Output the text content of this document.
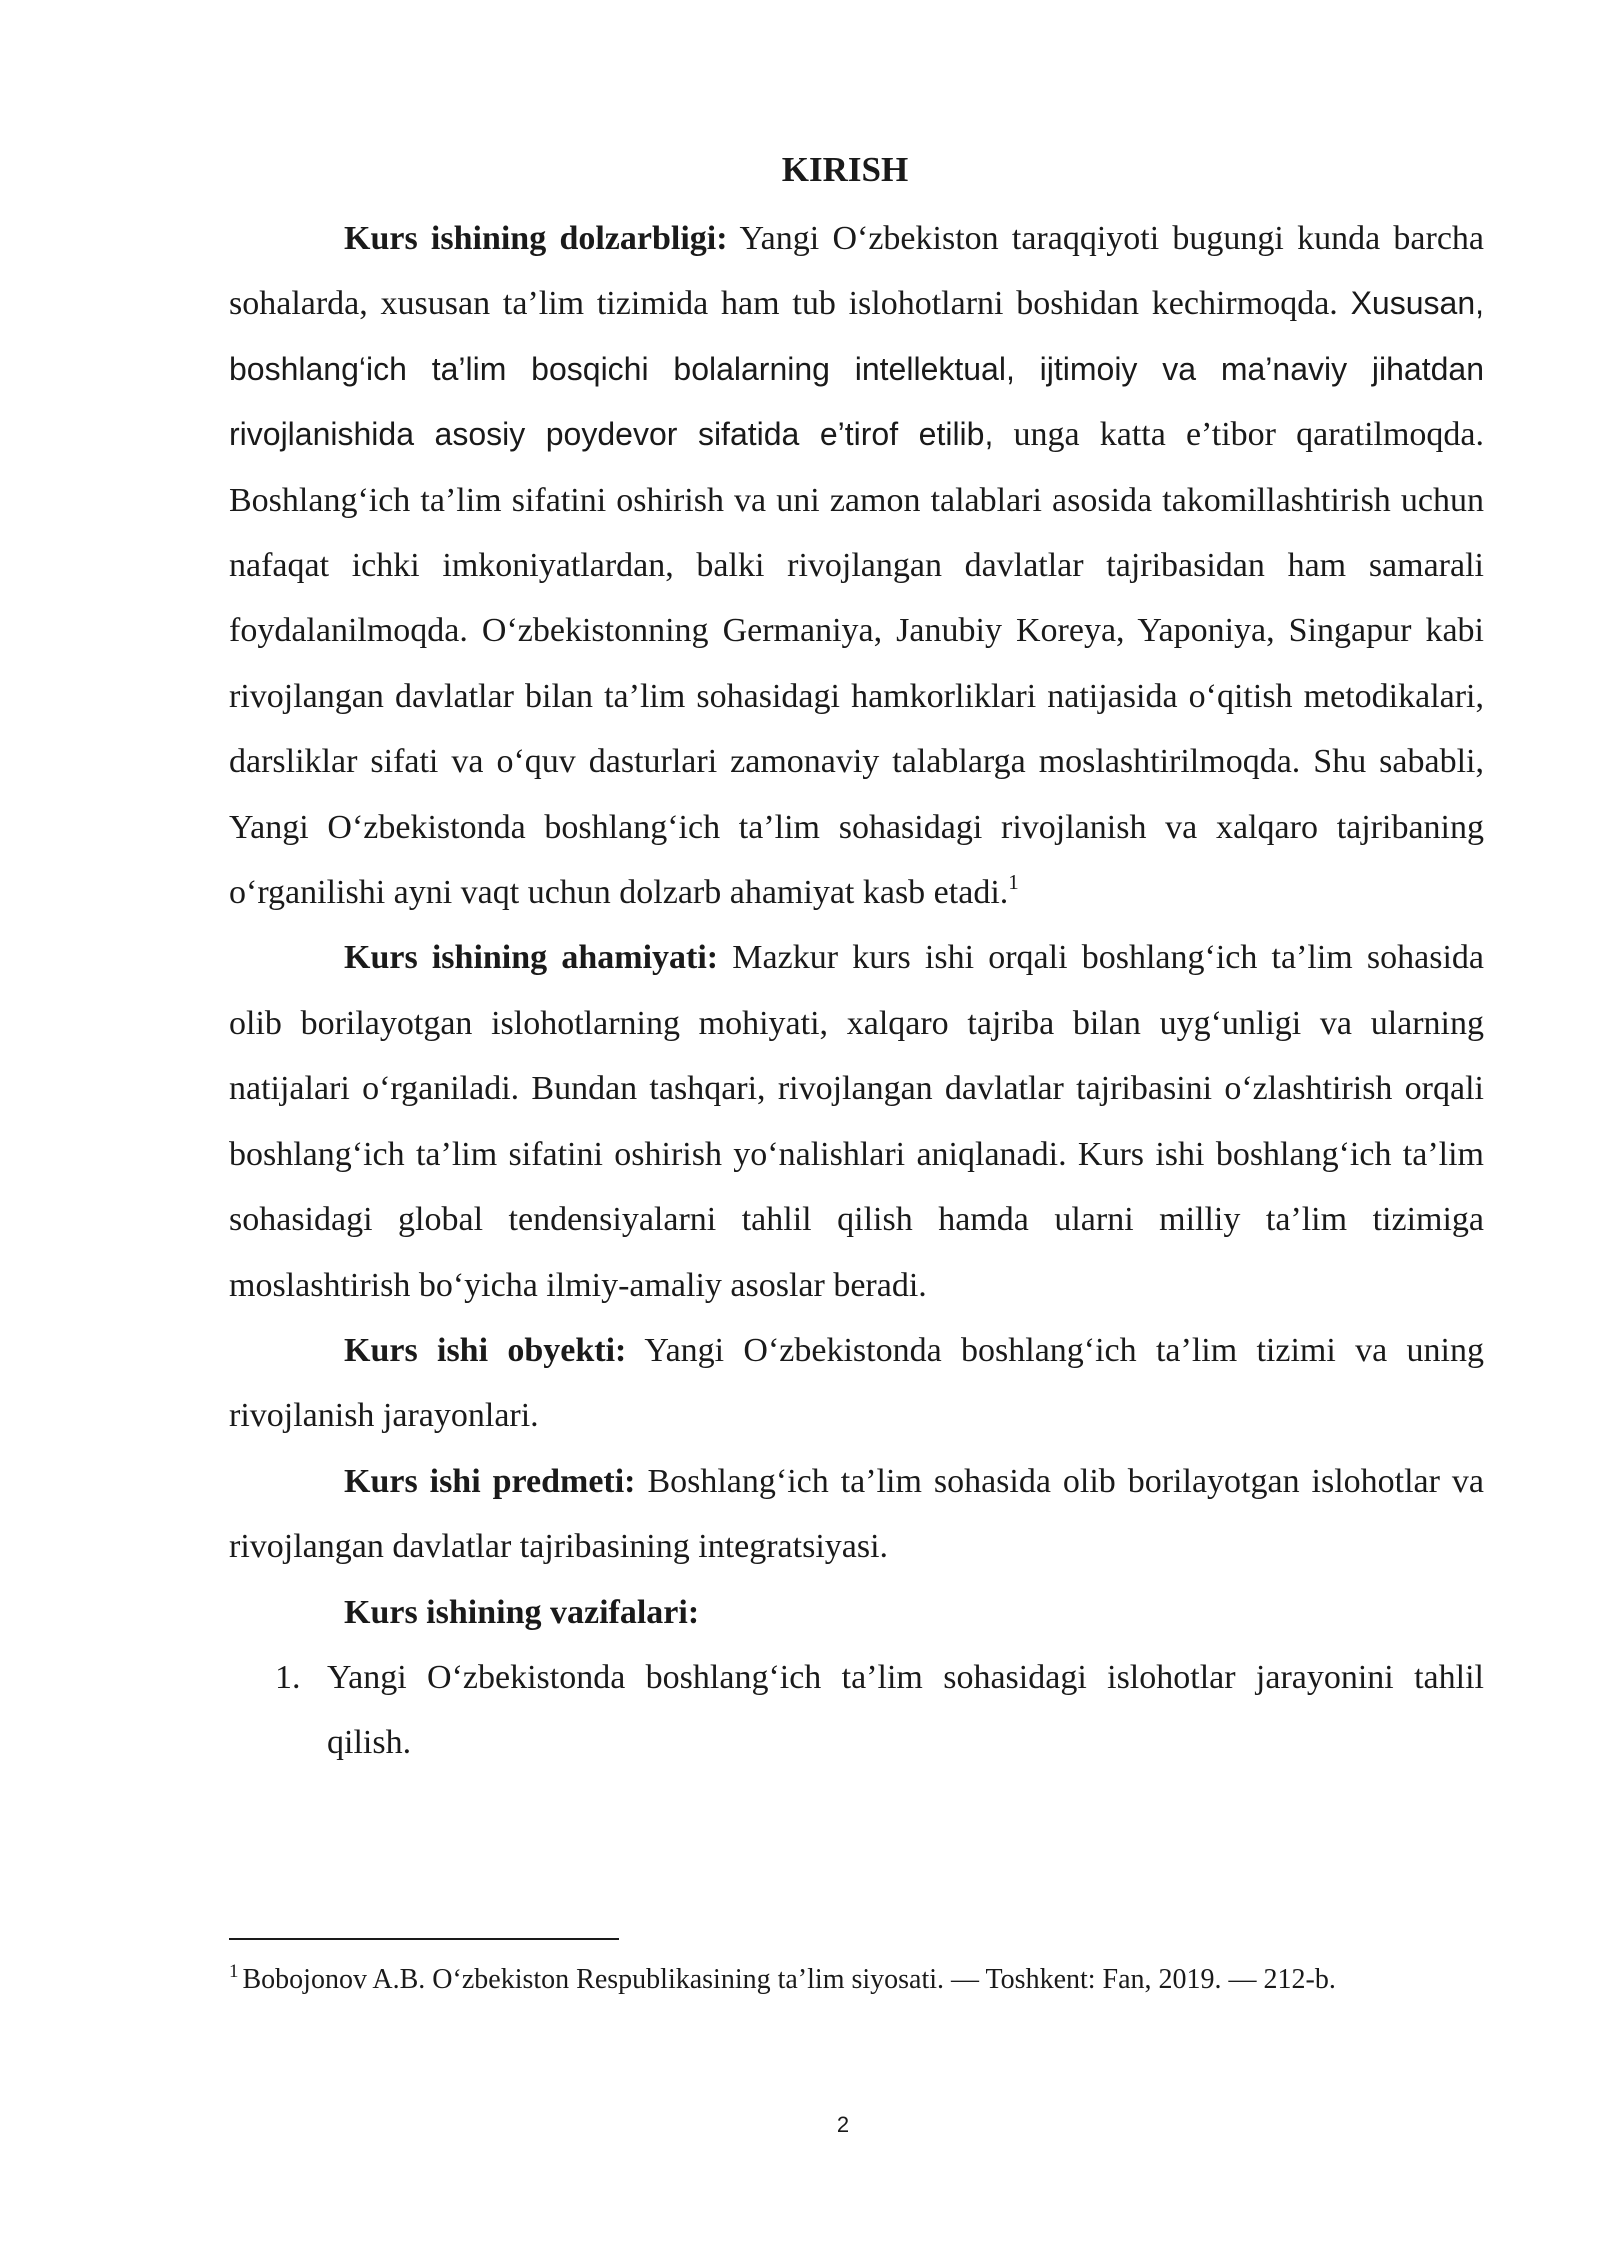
KIRISH

Kurs ishining dolzarbligi: Yangi O‘zbekiston taraqqiyoti bugungi kunda barcha sohalarda, xususan ta’lim tizimida ham tub islohotlarni boshidan kechirmoqda. Xususan, boshlang‘ich ta’lim bosqichi bolalarning intellektual, ijtimoiy va ma’naviy jihatdan rivojlanishida asosiy poydevor sifatida e’tirof etilib, unga katta e’tibor qaratilmoqda. Boshlang‘ich ta’lim sifatini oshirish va uni zamon talablari asosida takomillashtirish uchun nafaqat ichki imkoniyatlardan, balki rivojlangan davlatlar tajribasidan ham samarali foydalanilmoqda. O‘zbekistonning Germaniya, Janubiy Koreya, Yaponiya, Singapur kabi rivojlangan davlatlar bilan ta’lim sohasidagi hamkorliklari natijasida o‘qitish metodikalari, darsliklar sifati va o‘quv dasturlari zamonaviy talablarga moslashtirilmoqda. Shu sababli, Yangi O‘zbekistonda boshlang‘ich ta’lim sohasidagi rivojlanish va xalqaro tajribaning o‘rganilishi ayni vaqt uchun dolzarb ahamiyat kasb etadi.$^1$

Kurs ishining ahamiyati: Mazkur kurs ishi orqali boshlang‘ich ta’lim sohasida olib borilayotgan islohotlarning mohiyati, xalqaro tajriba bilan uyg‘unligi va ularning natijalari o‘rganiladi. Bundan tashqari, rivojlangan davlatlar tajribasini o‘zlashtirish orqali boshlang‘ich ta’lim sifatini oshirish yo‘nalishlari aniqlanadi. Kurs ishi boshlang‘ich ta’lim sohasidagi global tendensiyalarni tahlil qilish hamda ularni milliy ta’lim tizimiga moslashtirish bo‘yicha ilmiy-amaliy asoslar beradi.

Kurs ishi obyekti: Yangi O‘zbekistonda boshlang‘ich ta’lim tizimi va uning rivojlanish jarayonlari.

Kurs ishi predmeti: Boshlang‘ich ta’lim sohasida olib borilayotgan islohotlar va rivojlangan davlatlar tajribasining integratsiyasi.

Kurs ishining vazifalari:

1. Yangi O‘zbekistonda boshlang‘ich ta’lim sohasidagi islohotlar jarayonini tahlil qilish.
$^1$ Bobojonov A.B. O‘zbekiston Respublikasining ta’lim siyosati. — Toshkent: Fan, 2019. — 212-b.
2
